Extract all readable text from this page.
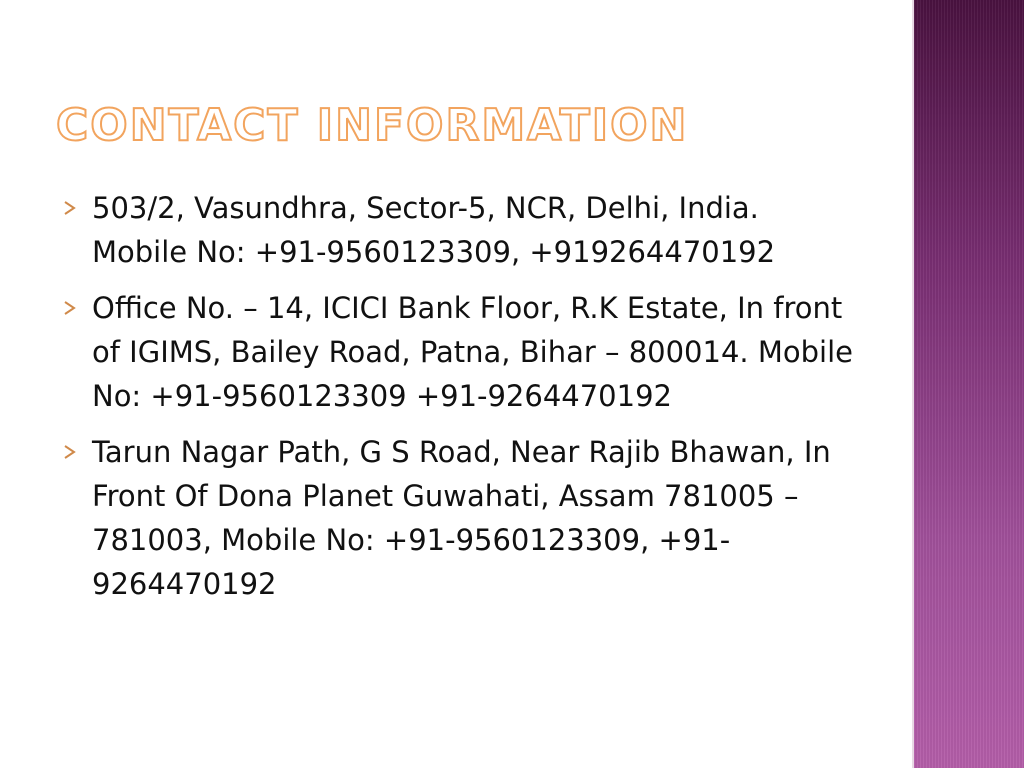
CONTACT INFORMATION
503/2, Vasundhra, Sector-5, NCR, Delhi, India. Mobile No: +91-9560123309, +919264470192
Office No. – 14, ICICI Bank Floor, R.K Estate, In front of IGIMS, Bailey Road, Patna, Bihar – 800014. Mobile No: +91-9560123309 +91-9264470192
Tarun Nagar Path, G S Road, Near Rajib Bhawan, In Front Of Dona Planet Guwahati, Assam 781005 – 781003, Mobile No: +91-9560123309, +91-9264470192
